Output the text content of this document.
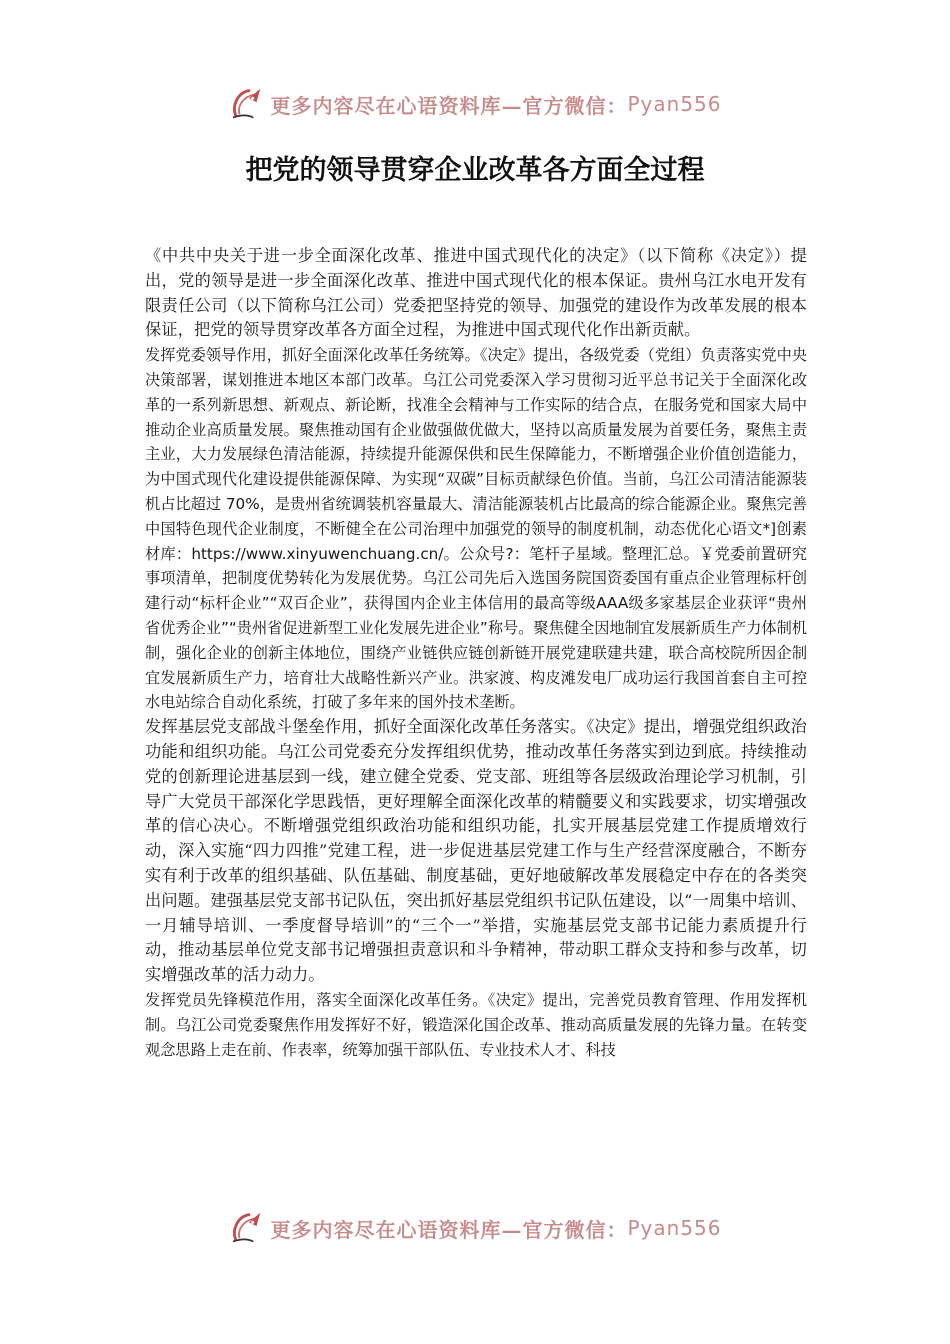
更多内容尽在心语资料库—官方微信： Pyan556
把党的领导贯穿企业改革各方面全过程

《中共中央关于进一步全面深化改革、推进中国式现代化的决定》（以下简称《决定》）提出，党的领导是进一步全面深化改革、推进中国式现代化的根本保证。贵州乌江水电开发有限责任公司（以下简称乌江公司）党委把坚持党的领导、加强党的建设作为改革发展的根本保证，把党的领导贯穿改革各方面全过程，为推进中国式现代化作出新贡献。

发挥党委领导作用，抓好全面深化改革任务统筹。《决定》提出，各级党委（党组）负责落实党中央决策部署，谋划推进本地区本部门改革。乌江公司党委深入学习贯彻习近平总书记关于全面深化改革的一系列新思想、新观点、新论断，找准全会精神与工作实际的结合点，在服务党和国家大局中推动企业高质量发展。聚焦推动国有企业做强做优做大，坚持以高质量发展为首要任务，聚焦主责主业，大力发展绿色清洁能源，持续提升能源保供和民生保障能力，不断增强企业价值创造能力，为中国式现代化建设提供能源保障、为实现“双碳”目标贡献绿色价值。当前，乌江公司清洁能源装机占比超过 70%，是贵州省统调装机容量最大、清洁能源装机占比最高的综合能源企业。聚焦完善中国特色现代企业制度，不断健全在公司治理中加强党的领导的制度机制，动态优化心语文*]创素材库：https://www.xinyuwenchuang.cn/。公众号?：笔杆子星域。整理汇总。￥党委前置研究事项清单，把制度优势转化为发展优势。乌江公司先后入选国务院国资委国有重点企业管理标杆创建行动“标杆企业”“双百企业”，获得国内企业主体信用的最高等级AAA级多家基层企业获评“贵州省优秀企业”“贵州省促进新型工业化发展先进企业”称号。聚焦健全因地制宜发展新质生产力体制机制，强化企业的创新主体地位，围绕产业链供应链创新链开展党建联建共建，联合高校院所因企制宜发展新质生产力，培育壮大战略性新兴产业。洪家渡、构皮滩发电厂成功运行我国首套自主可控水电站综合自动化系统，打破了多年来的国外技术垄断。

发挥基层党支部战斗堡垒作用，抓好全面深化改革任务落实。《决定》提出，增强党组织政治功能和组织功能。乌江公司党委充分发挥组织优势，推动改革任务落实到边到底。持续推动党的创新理论进基层到一线，建立健全党委、党支部、班组等各层级政治理论学习机制，引导广大党员干部深化学思践悟，更好理解全面深化改革的精髓要义和实践要求，切实增强改革的信心决心。不断增强党组织政治功能和组织功能，扎实开展基层党建工作提质增效行动，深入实施“四力四推”党建工程，进一步促进基层党建工作与生产经营深度融合，不断夯实有利于改革的组织基础、队伍基础、制度基础，更好地破解改革发展稳定中存在的各类突出问题。建强基层党支部书记队伍，突出抓好基层党组织书记队伍建设，以“一周集中培训、一月辅导培训、一季度督导培训”的“三个一”举措，实施基层党支部书记能力素质提升行动，推动基层单位党支部书记增强担责意识和斗争精神，带动职工群众支持和参与改革，切实增强改革的活力动力。

发挥党员先锋模范作用，落实全面深化改革任务。《决定》提出，完善党员教育管理、作用发挥机制。乌江公司党委聚焦作用发挥好不好，锻造深化国企改革、推动高质量发展的先锋力量。在转变观念思路上走在前、作表率，统筹加强干部队伍、专业技术人才、科技

更多内容尽在心语资料库—官方微信： Pyan556
